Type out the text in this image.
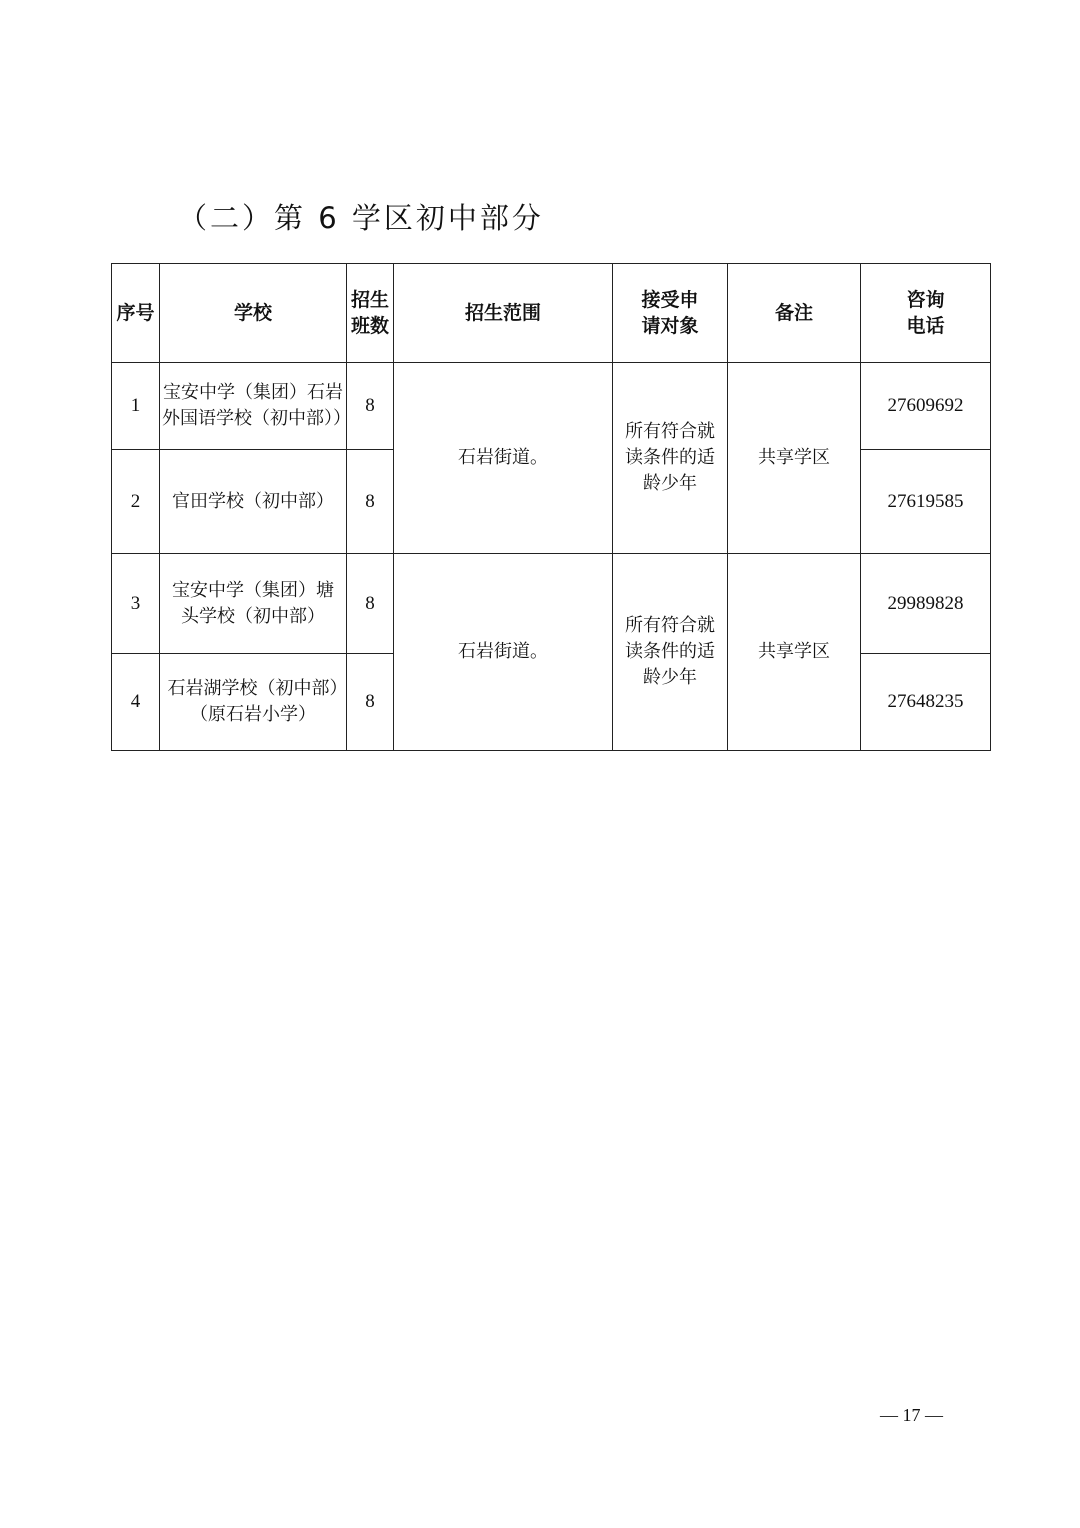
（二）第 6 学区初中部分
序号	学校	招生班数	招生范围	接受申请对象	备注	咨询电话
1	宝安中学（集团）石岩外国语学校（初中部））	8	石岩街道。	所有符合就读条件的适龄少年	共享学区	27609692
2	官田学校（初中部）	8				27619585
3	宝安中学（集团）塘头学校（初中部）	8	石岩街道。	所有符合就读条件的适龄少年	共享学区	29989828
4	石岩湖学校（初中部）（原石岩小学）	8				27648235
— 17 —
